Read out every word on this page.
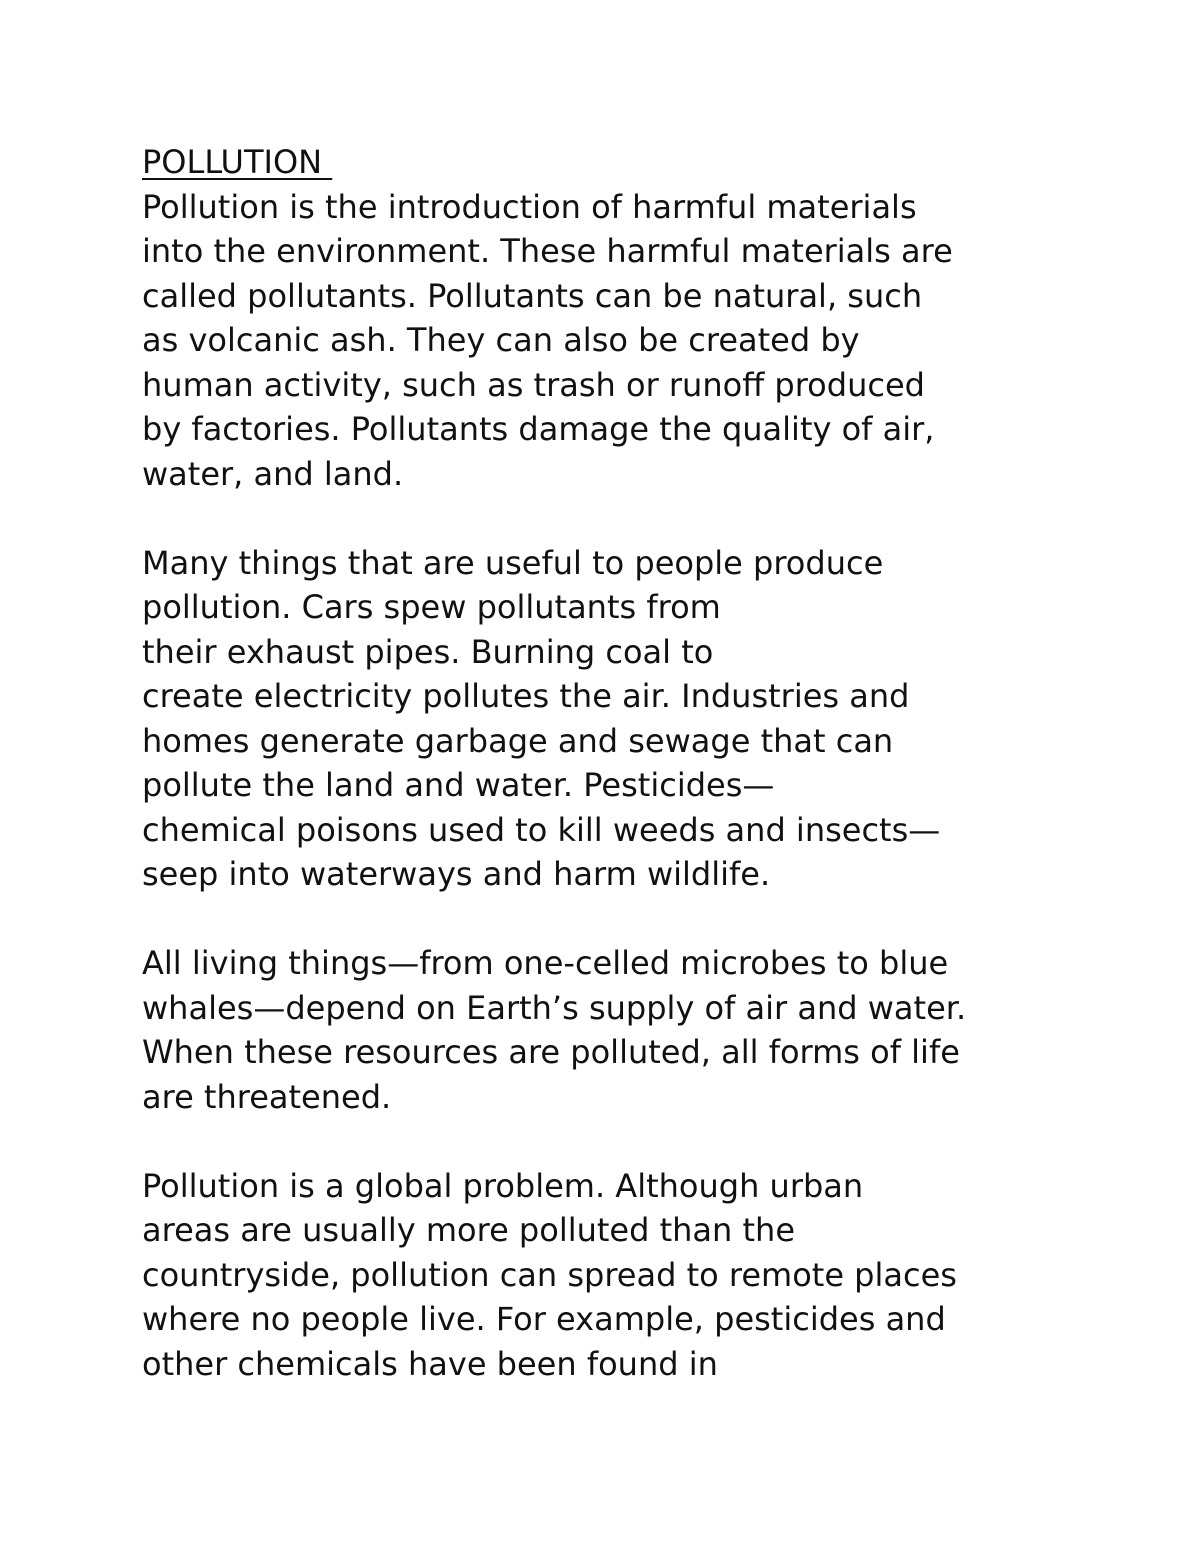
POLLUTION

Pollution is the introduction of harmful materials
into the environment. These harmful materials are
called pollutants. Pollutants can be natural, such
as volcanic ash. They can also be created by
human activity, such as trash or runoff produced
by factories. Pollutants damage the quality of air,
water, and land.

Many things that are useful to people produce
pollution. Cars spew pollutants from
their exhaust pipes. Burning coal to
create electricity pollutes the air. Industries and
homes generate garbage and sewage that can
pollute the land and water. Pesticides—
chemical poisons used to kill weeds and insects—
seep into waterways and harm wildlife.

All living things—from one-celled microbes to blue
whales—depend on Earth’s supply of air and water.
When these resources are polluted, all forms of life
are threatened.

Pollution is a global problem. Although urban
areas are usually more polluted than the
countryside, pollution can spread to remote places
where no people live. For example, pesticides and
other chemicals have been found in
